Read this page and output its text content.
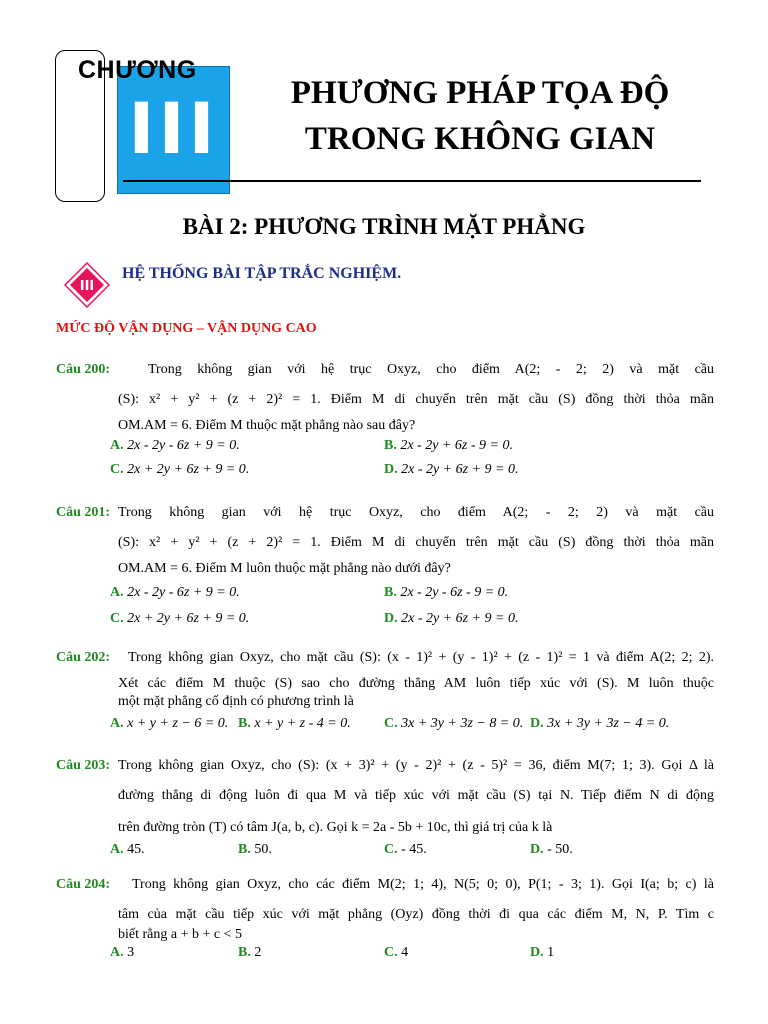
CHƯƠNG
III	PHƯƠNG PHÁP TỌA ĐỘ
TRONG KHÔNG GIAN
BÀI 2: PHƯƠNG TRÌNH MẶT PHẲNG
III
HỆ THỐNG BÀI TẬP TRẮC NGHIỆM.
MỨC ĐỘ VẬN DỤNG – VẬN DỤNG CAO
Câu 200:	Trong không gian với hệ trục Oxyz, cho điểm A(2; - 2; 2) và mặt cầu
(S): x² + y² + (z + 2)² = 1. Điểm M di chuyển trên mặt cầu (S) đồng thời thỏa mãn
OM.AM = 6. Điểm M thuộc mặt phẳng nào sau đây?
A. 2x - 2y - 6z + 9 = 0.	B. 2x - 2y + 6z - 9 = 0.
C. 2x + 2y + 6z + 9 = 0.	D. 2x - 2y + 6z + 9 = 0.
Câu 201: Trong không gian với hệ trục Oxyz, cho điểm A(2; - 2; 2) và mặt cầu
(S): x² + y² + (z + 2)² = 1. Điểm M di chuyển trên mặt cầu (S) đồng thời thỏa mãn
OM.AM = 6. Điểm M luôn thuộc mặt phẳng nào dưới đây?
A. 2x - 2y - 6z + 9 = 0.	B. 2x - 2y - 6z - 9 = 0.
C. 2x + 2y + 6z + 9 = 0.	D. 2x - 2y + 6z + 9 = 0.
Câu 202: Trong không gian Oxyz, cho mặt cầu (S): (x - 1)² + (y - 1)² + (z - 1)² = 1 và điểm A(2; 2; 2).
Xét các điểm M thuộc (S) sao cho đường thẳng AM luôn tiếp xúc với (S). M luôn thuộc
một mặt phẳng cố định có phương trình là
A. x + y + z − 6 = 0. B. x + y + z - 4 = 0. C. 3x + 3y + 3z − 8 = 0. D. 3x + 3y + 3z − 4 = 0.
Câu 203: Trong không gian Oxyz, cho (S): (x + 3)² + (y - 2)² + (z - 5)² = 36, điểm M(7; 1; 3). Gọi Δ là
đường thẳng di động luôn đi qua M và tiếp xúc với mặt cầu (S) tại N. Tiếp điểm N di động
trên đường tròn (T) có tâm J(a, b, c). Gọi k = 2a - 5b + 10c, thì giá trị của k là
A. 45.	B. 50.	C. - 45.	D. - 50.
Câu 204: Trong không gian Oxyz, cho các điểm M(2; 1; 4), N(5; 0; 0), P(1; - 3; 1). Gọi I(a; b; c) là
tâm của mặt cầu tiếp xúc với mặt phẳng (Oyz) đồng thời đi qua các điểm M, N, P. Tìm c
biết rằng a + b + c < 5
A. 3	B. 2	C. 4	D. 1
